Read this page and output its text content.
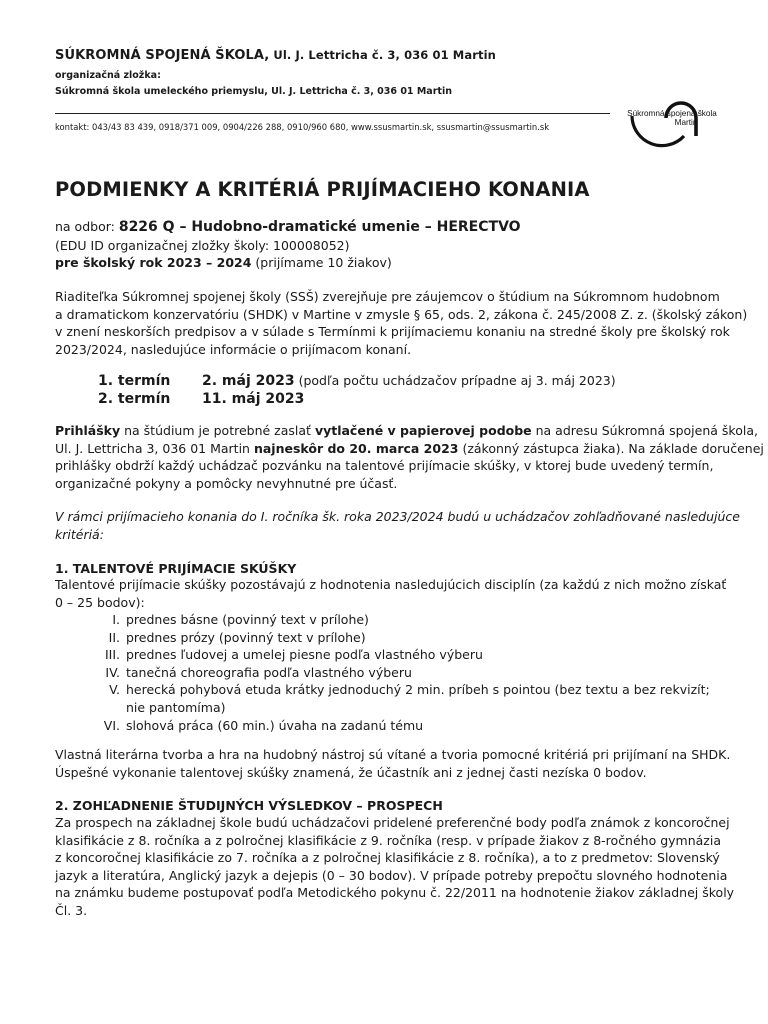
SÚKROMNÁ SPOJENÁ ŠKOLA, Ul. J. Lettricha č. 3, 036 01 Martin
organizačná zložka:
Súkromná škola umeleckého priemyslu, Ul. J. Lettricha č. 3, 036 01 Martin
kontakt: 043/43 83 439, 0918/371 009, 0904/226 288, 0910/960 680, www.ssusmartin.sk, ssusmartin@ssusmartin.sk
Súkromná spojená škola
Martin
PODMIENKY A KRITÉRIÁ PRIJÍMACIEHO KONANIA
na odbor: 8226 Q – Hudobno-dramatické umenie – HERECTVO
(EDU ID organizačnej zložky školy: 100008052)
pre školský rok 2023 – 2024 (prijímame 10 žiakov)
Riaditeľka Súkromnej spojenej školy (SSŠ) zverejňuje pre záujemcov o štúdium na Súkromnom hudobnom
a dramatickom konzervatóriu (SHDK) v Martine v zmysle § 65, ods. 2, zákona č. 245/2008 Z. z. (školský zákon)
v znení neskorších predpisov a v súlade s Termínmi k prijímaciemu konaniu na stredné školy pre školský rok
2023/2024, nasledujúce informácie o prijímacom konaní.
1. termín 2. máj 2023 (podľa počtu uchádzačov prípadne aj 3. máj 2023)
2. termín 11. máj 2023
Prihlášky na štúdium je potrebné zaslať vytlačené v papierovej podobe na adresu Súkromná spojená škola,
Ul. J. Lettricha 3, 036 01 Martin najneskôr do 20. marca 2023 (zákonný zástupca žiaka). Na základe doručenej
prihlášky obdrží každý uchádzač pozvánku na talentové prijímacie skúšky, v ktorej bude uvedený termín,
organizačné pokyny a pomôcky nevyhnutné pre účasť.
V rámci prijímacieho konania do I. ročníka šk. roka 2023/2024 budú u uchádzačov zohľadňované nasledujúce
kritériá:
1. TALENTOVÉ PRIJÍMACIE SKÚŠKY
Talentové prijímacie skúšky pozostávajú z hodnotenia nasledujúcich disciplín (za každú z nich možno získať
0 – 25 bodov):
I. prednes básne (povinný text v prílohe)
II. prednes prózy (povinný text v prílohe)
III. prednes ľudovej a umelej piesne podľa vlastného výberu
IV. tanečná choreografia podľa vlastného výberu
V. herecká pohybová etuda krátky jednoduchý 2 min. príbeh s pointou (bez textu a bez rekvizít;
nie pantomíma)
VI. slohová práca (60 min.) úvaha na zadanú tému
Vlastná literárna tvorba a hra na hudobný nástroj sú vítané a tvoria pomocné kritériá pri prijímaní na SHDK.
Úspešné vykonanie talentovej skúšky znamená, že účastník ani z jednej časti nezíska 0 bodov.
2. ZOHĽADNENIE ŠTUDIJNÝCH VÝSLEDKOV – PROSPECH
Za prospech na základnej škole budú uchádzačovi pridelené preferenčné body podľa známok z koncoročnej
klasifikácie z 8. ročníka a z polročnej klasifikácie z 9. ročníka (resp. v prípade žiakov z 8-ročného gymnázia
z koncoročnej klasifikácie zo 7. ročníka a z polročnej klasifikácie z 8. ročníka), a to z predmetov: Slovenský
jazyk a literatúra, Anglický jazyk a dejepis (0 – 30 bodov). V prípade potreby prepočtu slovného hodnotenia
na známku budeme postupovať podľa Metodického pokynu č. 22/2011 na hodnotenie žiakov základnej školy
Čl. 3.
